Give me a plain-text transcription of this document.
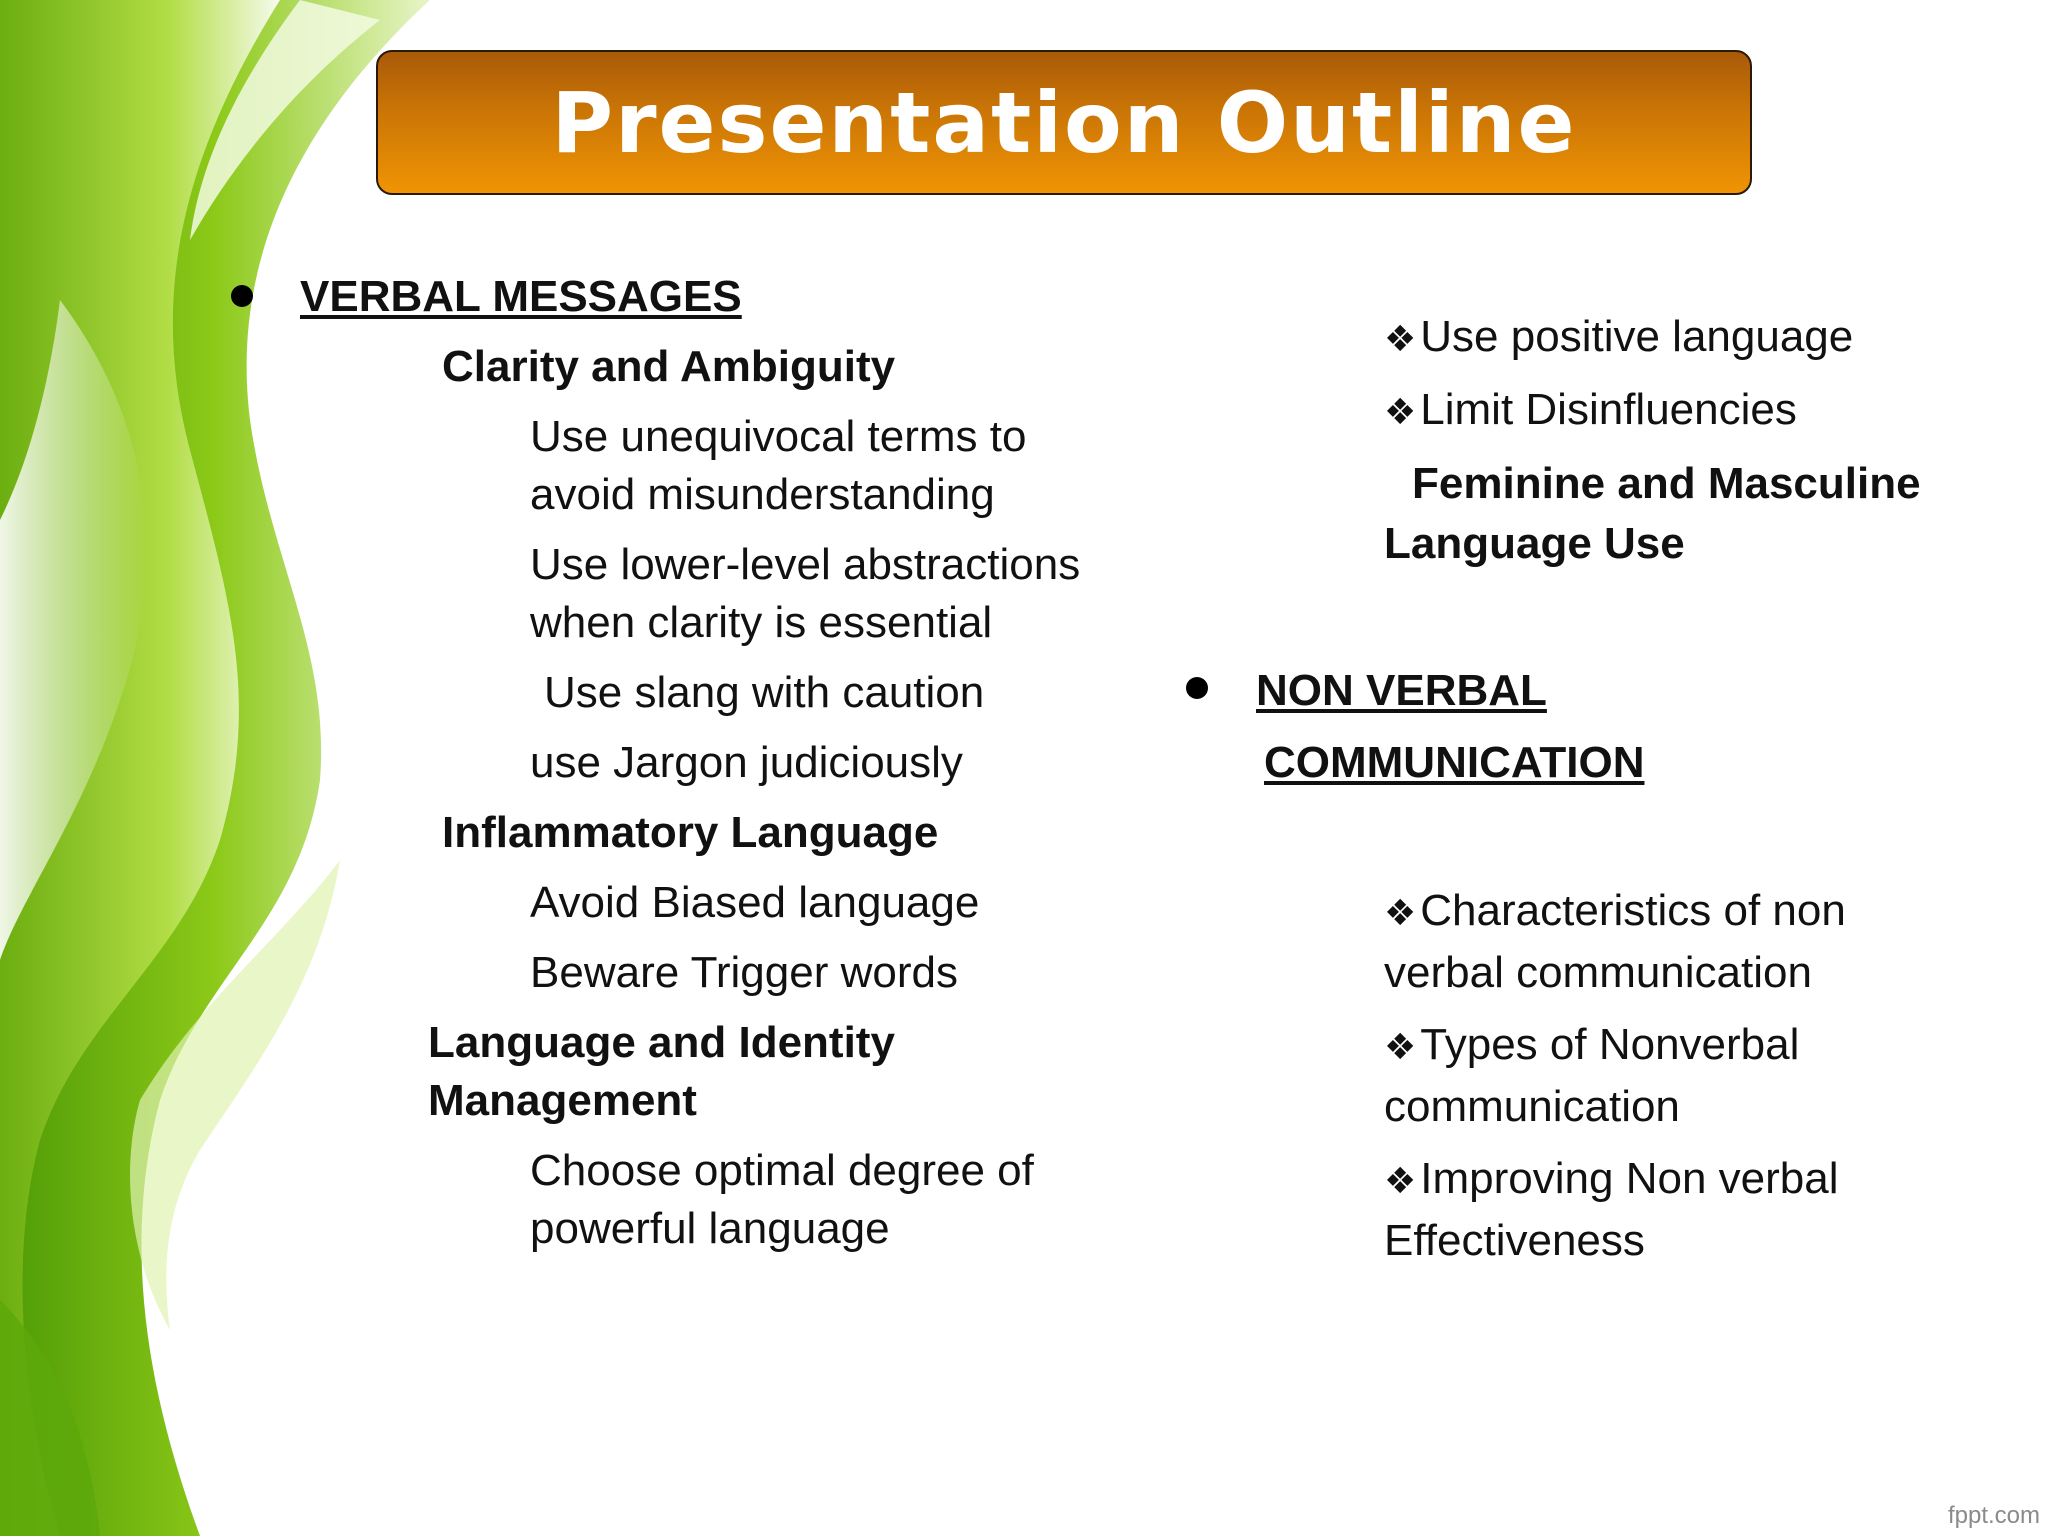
Presentation Outline
VERBAL MESSAGES
Clarity and Ambiguity
Use unequivocal terms to
avoid misunderstanding
Use lower-level abstractions
when clarity is essential
Use slang with caution
use Jargon judiciously
Inflammatory Language
Avoid Biased language
Beware Trigger words
Language and Identity
Management
Choose optimal degree of
powerful language
❖Use positive language
❖Limit Disinfluencies
Feminine and Masculine
Language Use
NON VERBAL
COMMUNICATION
❖Characteristics of non
verbal communication
❖Types of Nonverbal
communication
❖Improving Non verbal
Effectiveness
fppt.com
